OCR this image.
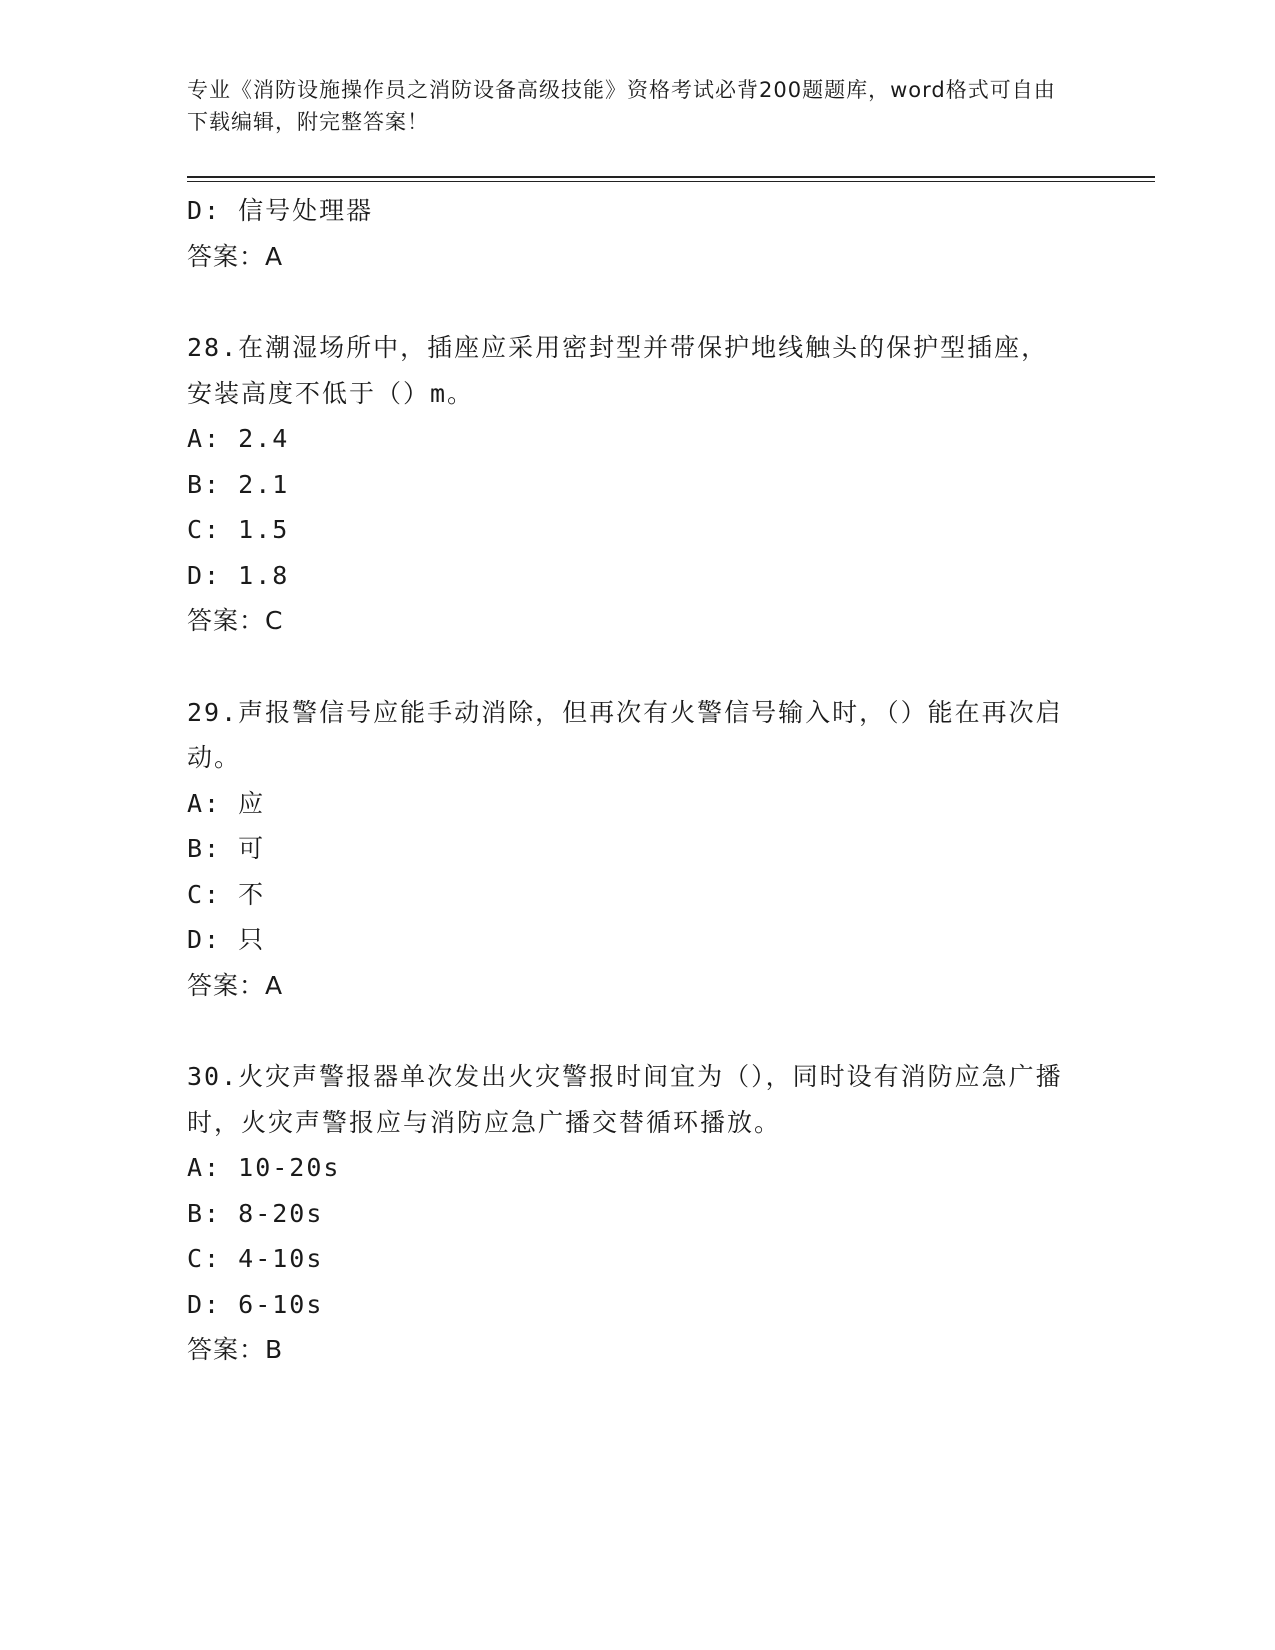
专业《消防设施操作员之消防设备高级技能》资格考试必背200题题库，word格式可自由下载编辑，附完整答案！
D: 信号处理器
答案：A
28.在潮湿场所中，插座应采用密封型并带保护地线触头的保护型插座，安装高度不低于（）m。
A: 2.4
B: 2.1
C: 1.5
D: 1.8
答案：C
29.声报警信号应能手动消除，但再次有火警信号输入时，（）能在再次启动。
A: 应
B: 可
C: 不
D: 只
答案：A
30.火灾声警报器单次发出火灾警报时间宜为（），同时设有消防应急广播时，火灾声警报应与消防应急广播交替循环播放。
A: 10-20s
B: 8-20s
C: 4-10s
D: 6-10s
答案：B
